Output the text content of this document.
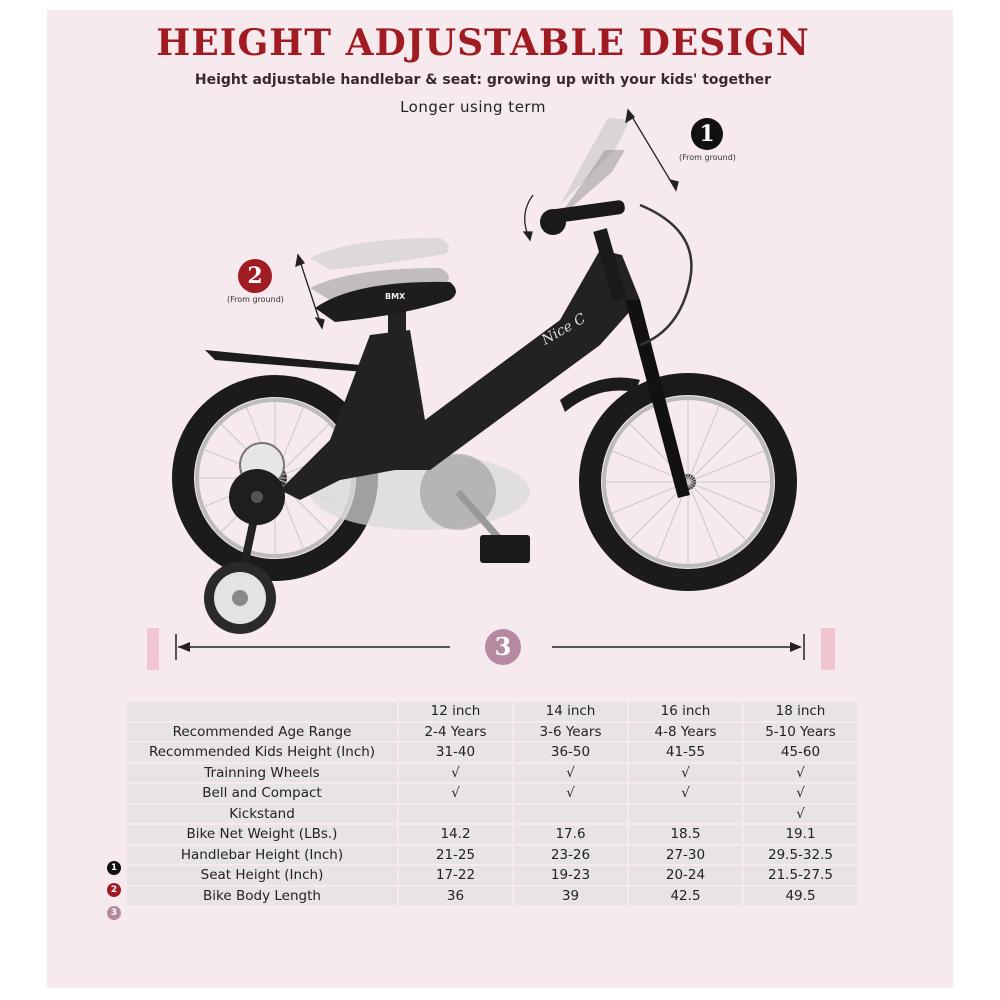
HEIGHT ADJUSTABLE DESIGN
Height adjustable handlebar & seat: growing up with your kids' together
Longer using term
Nice C
BMX
1
(From ground)
2
(From ground)
3
	12 inch	14 inch	16 inch	18 inch
Recommended Age Range	2-4 Years	3-6 Years	4-8 Years	5-10 Years
Recommended Kids Height (Inch)	31-40	36-50	41-55	45-60
Trainning Wheels	√	√	√	√
Bell and Compact	√	√	√	√
Kickstand				√
Bike Net Weight (LBs.)	14.2	17.6	18.5	19.1
Handlebar Height (Inch)	21-25	23-26	27-30	29.5-32.5
Seat Height (Inch)	17-22	19-23	20-24	21.5-27.5
Bike Body Length	36	39	42.5	49.5
1
2
3
